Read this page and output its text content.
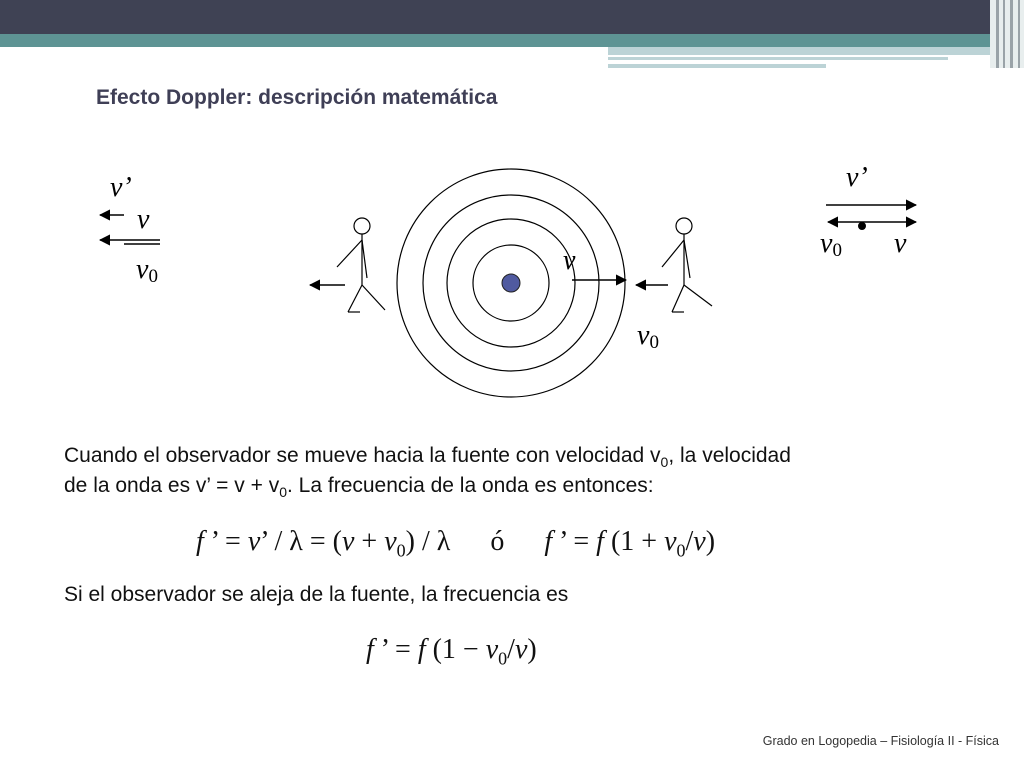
Efecto Doppler: descripción matemática
v’
v
v0
v
v0
v’
v0 v
Cuando el observador se mueve hacia la fuente con velocidad $v_0$, la velocidad
de la onda es v’ = $v + v_0$. La frecuencia de la onda es entonces:
f ’ = v’ / $\lambda = (v + v_0) / \lambda$ ó f ’ = f $(1 + v_0/v)$
Si el observador se aleja de la fuente, la frecuencia es
f ’ = f $(1 - v_0/v)$
Grado en Logopedia – Fisiología II - Física
